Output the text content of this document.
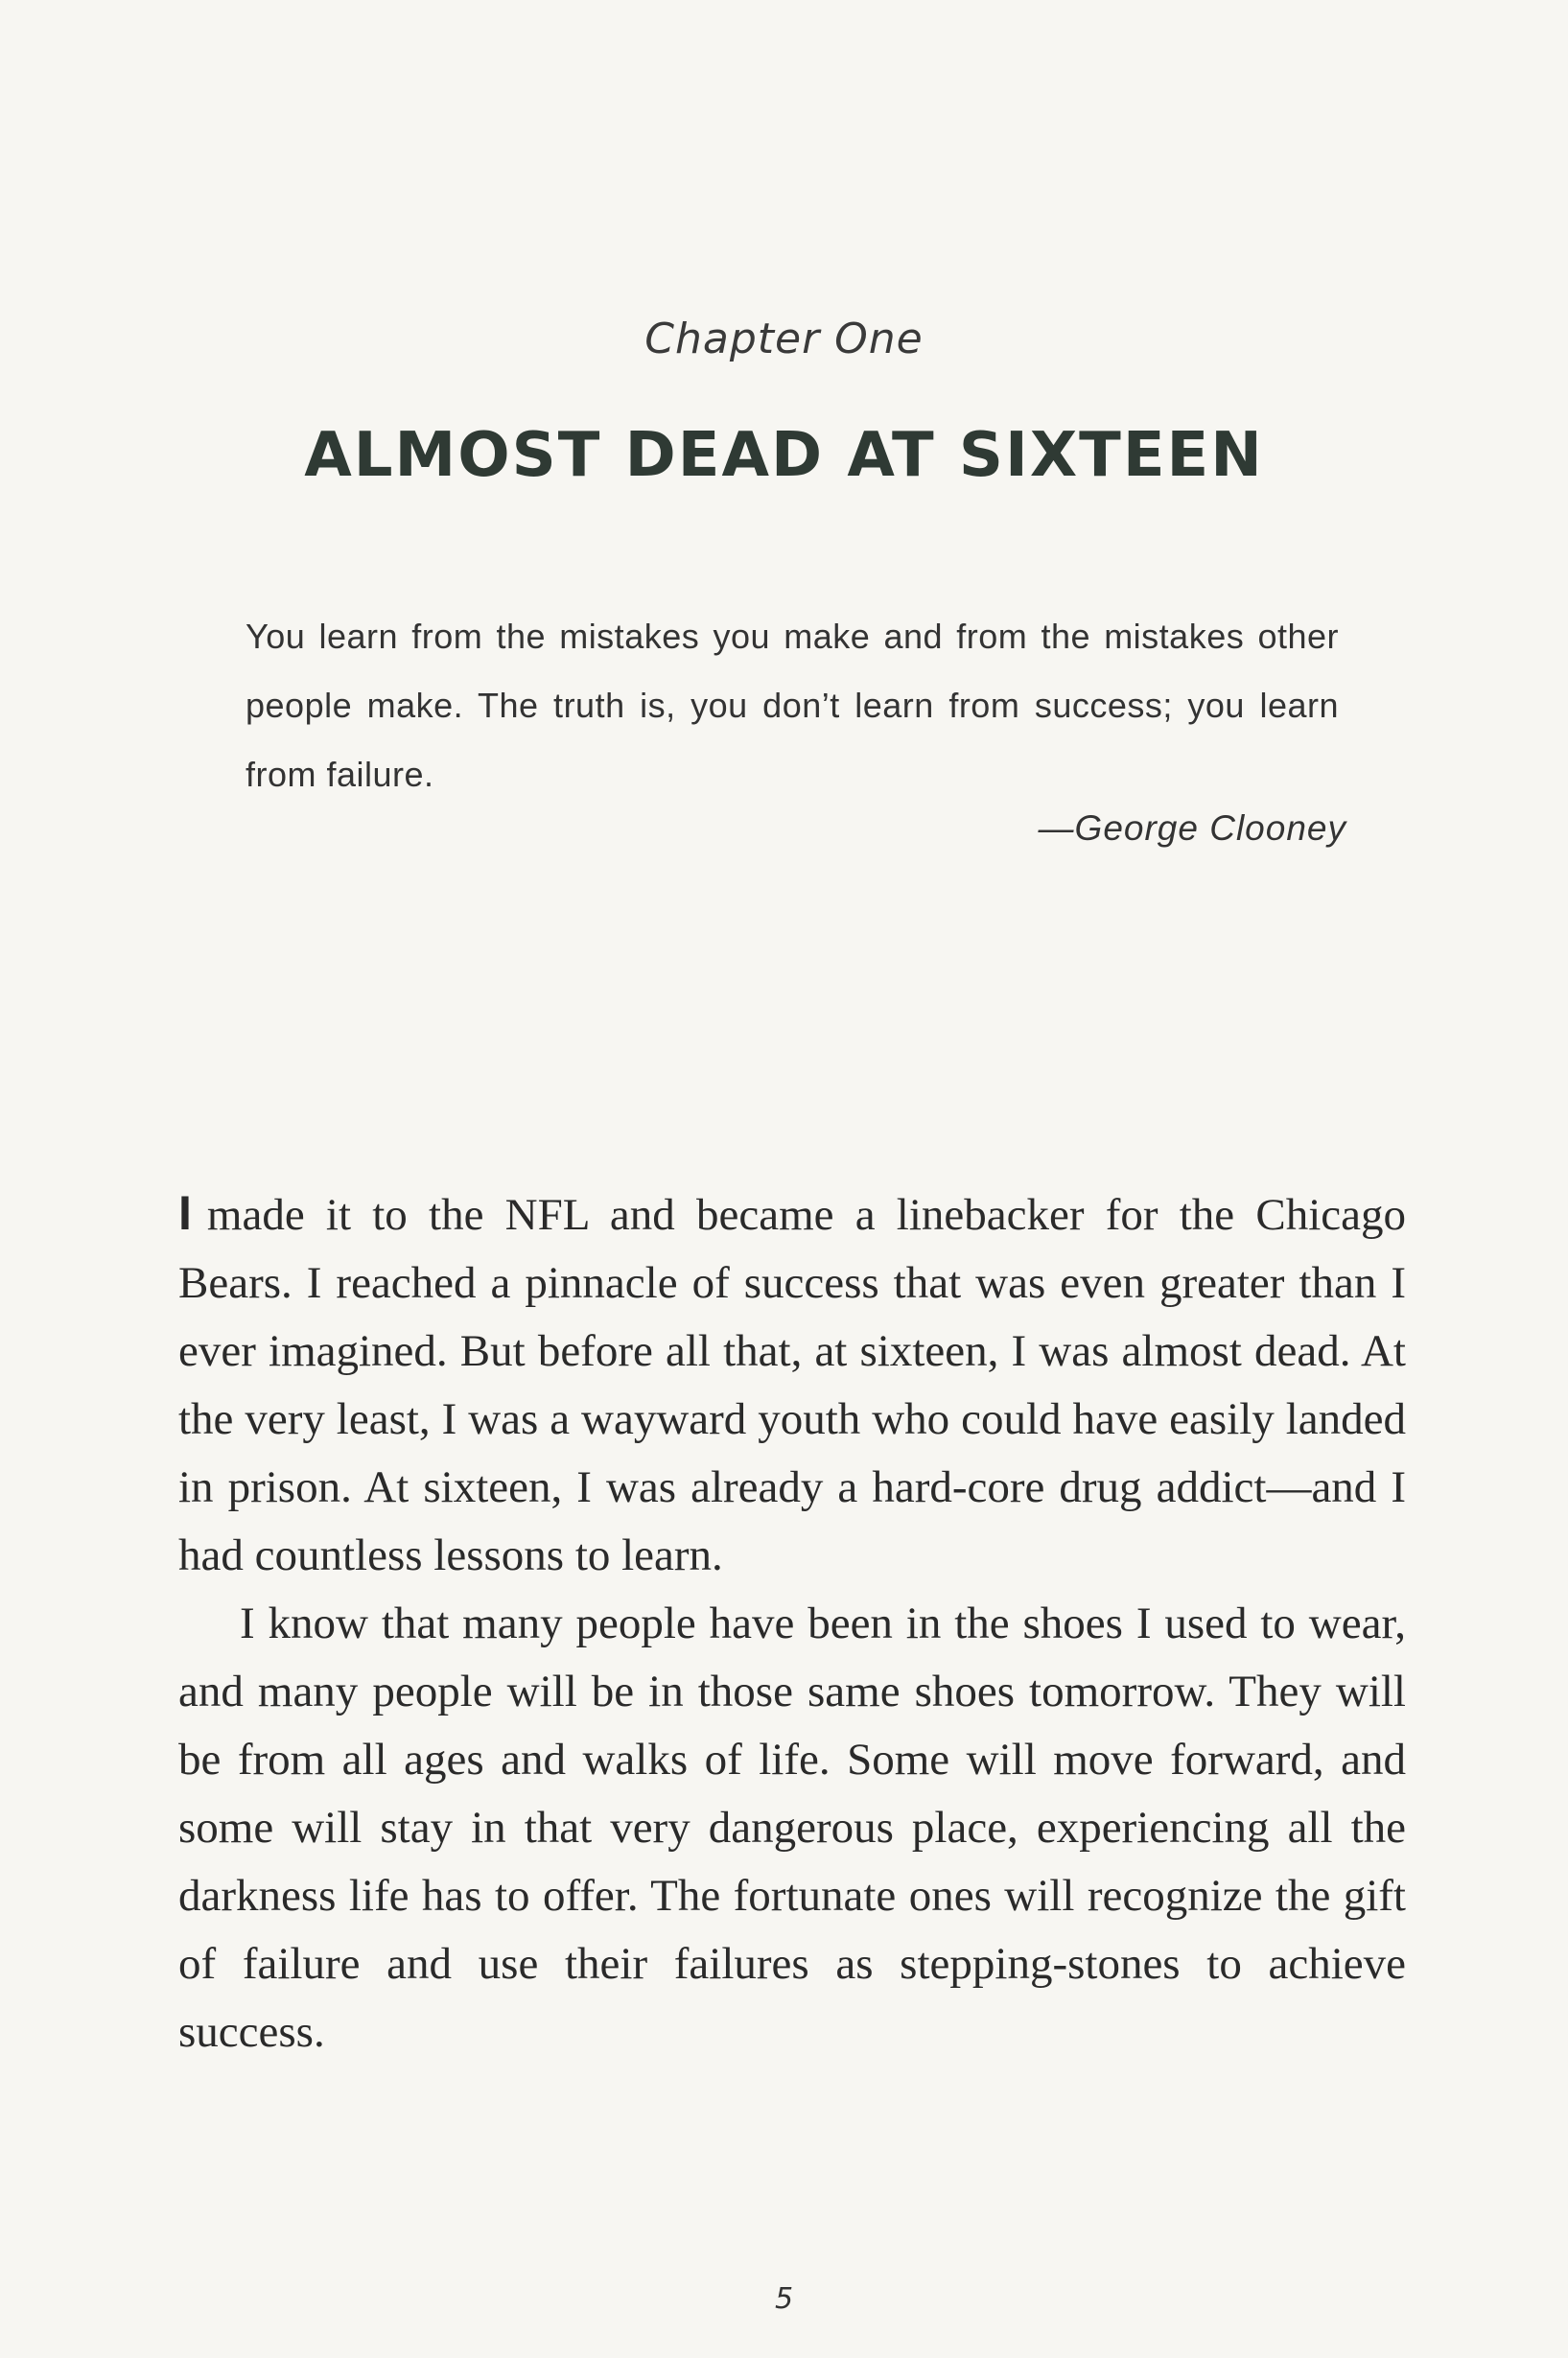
Chapter One
ALMOST DEAD AT SIXTEEN
You learn from the mistakes you make and from the mistakes other people make. The truth is, you don’t learn from success; you learn from failure.
—George Clooney

I made it to the NFL and became a linebacker for the Chicago Bears. I reached a pinnacle of success that was even greater than I ever imagined. But before all that, at sixteen, I was almost dead. At the very least, I was a wayward youth who could have easily landed in prison. At sixteen, I was already a hard-core drug addict—and I had countless lessons to learn.

I know that many people have been in the shoes I used to wear, and many people will be in those same shoes tomorrow. They will be from all ages and walks of life. Some will move forward, and some will stay in that very dangerous place, experiencing all the darkness life has to offer. The fortunate ones will recognize the gift of failure and use their failures as stepping-stones to achieve success.

5
